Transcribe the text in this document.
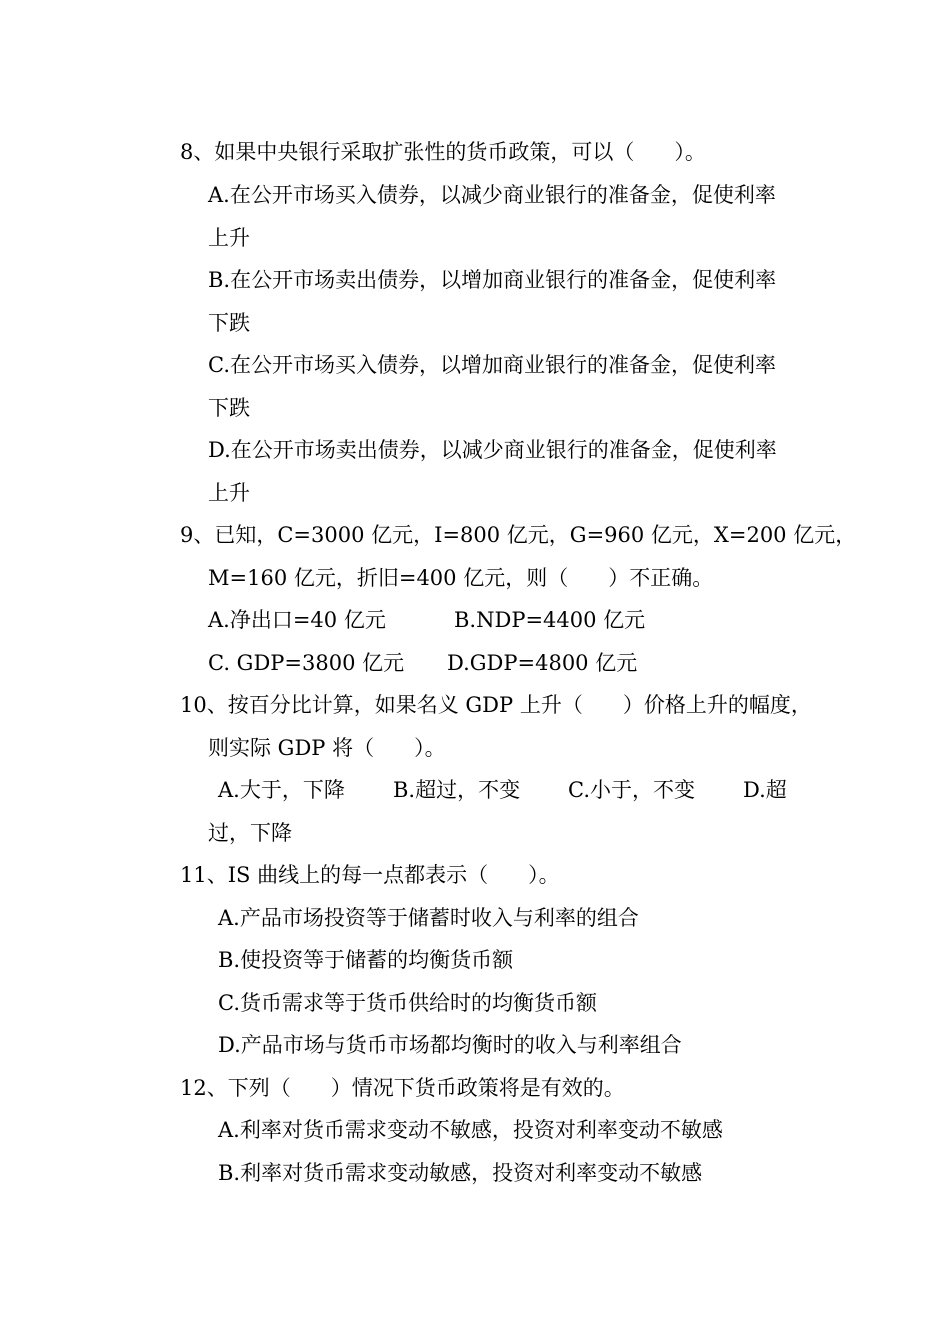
8、如果中央银行采取扩张性的货币政策，可以（      ）。
A.在公开市场买入债券，以减少商业银行的准备金，促使利率
上升
B.在公开市场卖出债券，以增加商业银行的准备金，促使利率
下跌
C.在公开市场买入债券，以增加商业银行的准备金，促使利率
下跌
D.在公开市场卖出债券，以减少商业银行的准备金，促使利率
上升
9、已知，C=3000 亿元，I=800 亿元，G=960 亿元，X=200 亿元，
M=160 亿元，折旧=400 亿元，则（      ）不正确。

A.净出口=40 亿元

	B.NDP=4400 亿元

C. GDP=3800 亿元

D.GDP=4800 亿元

10、按百分比计算，如果名义 GDP 上升（      ）价格上升的幅度，
则实际 GDP 将（      ）。

A.大于，下降

B.超过，不变

C.小于，不变

D.超

过，下降
11、IS 曲线上的每一点都表示（      ）。
A.产品市场投资等于储蓄时收入与利率的组合
B.使投资等于储蓄的均衡货币额
C.货币需求等于货币供给时的均衡货币额
D.产品市场与货币市场都均衡时的收入与利率组合
12、下列（      ）情况下货币政策将是有效的。
A.利率对货币需求变动不敏感，投资对利率变动不敏感
B.利率对货币需求变动敏感，投资对利率变动不敏感
